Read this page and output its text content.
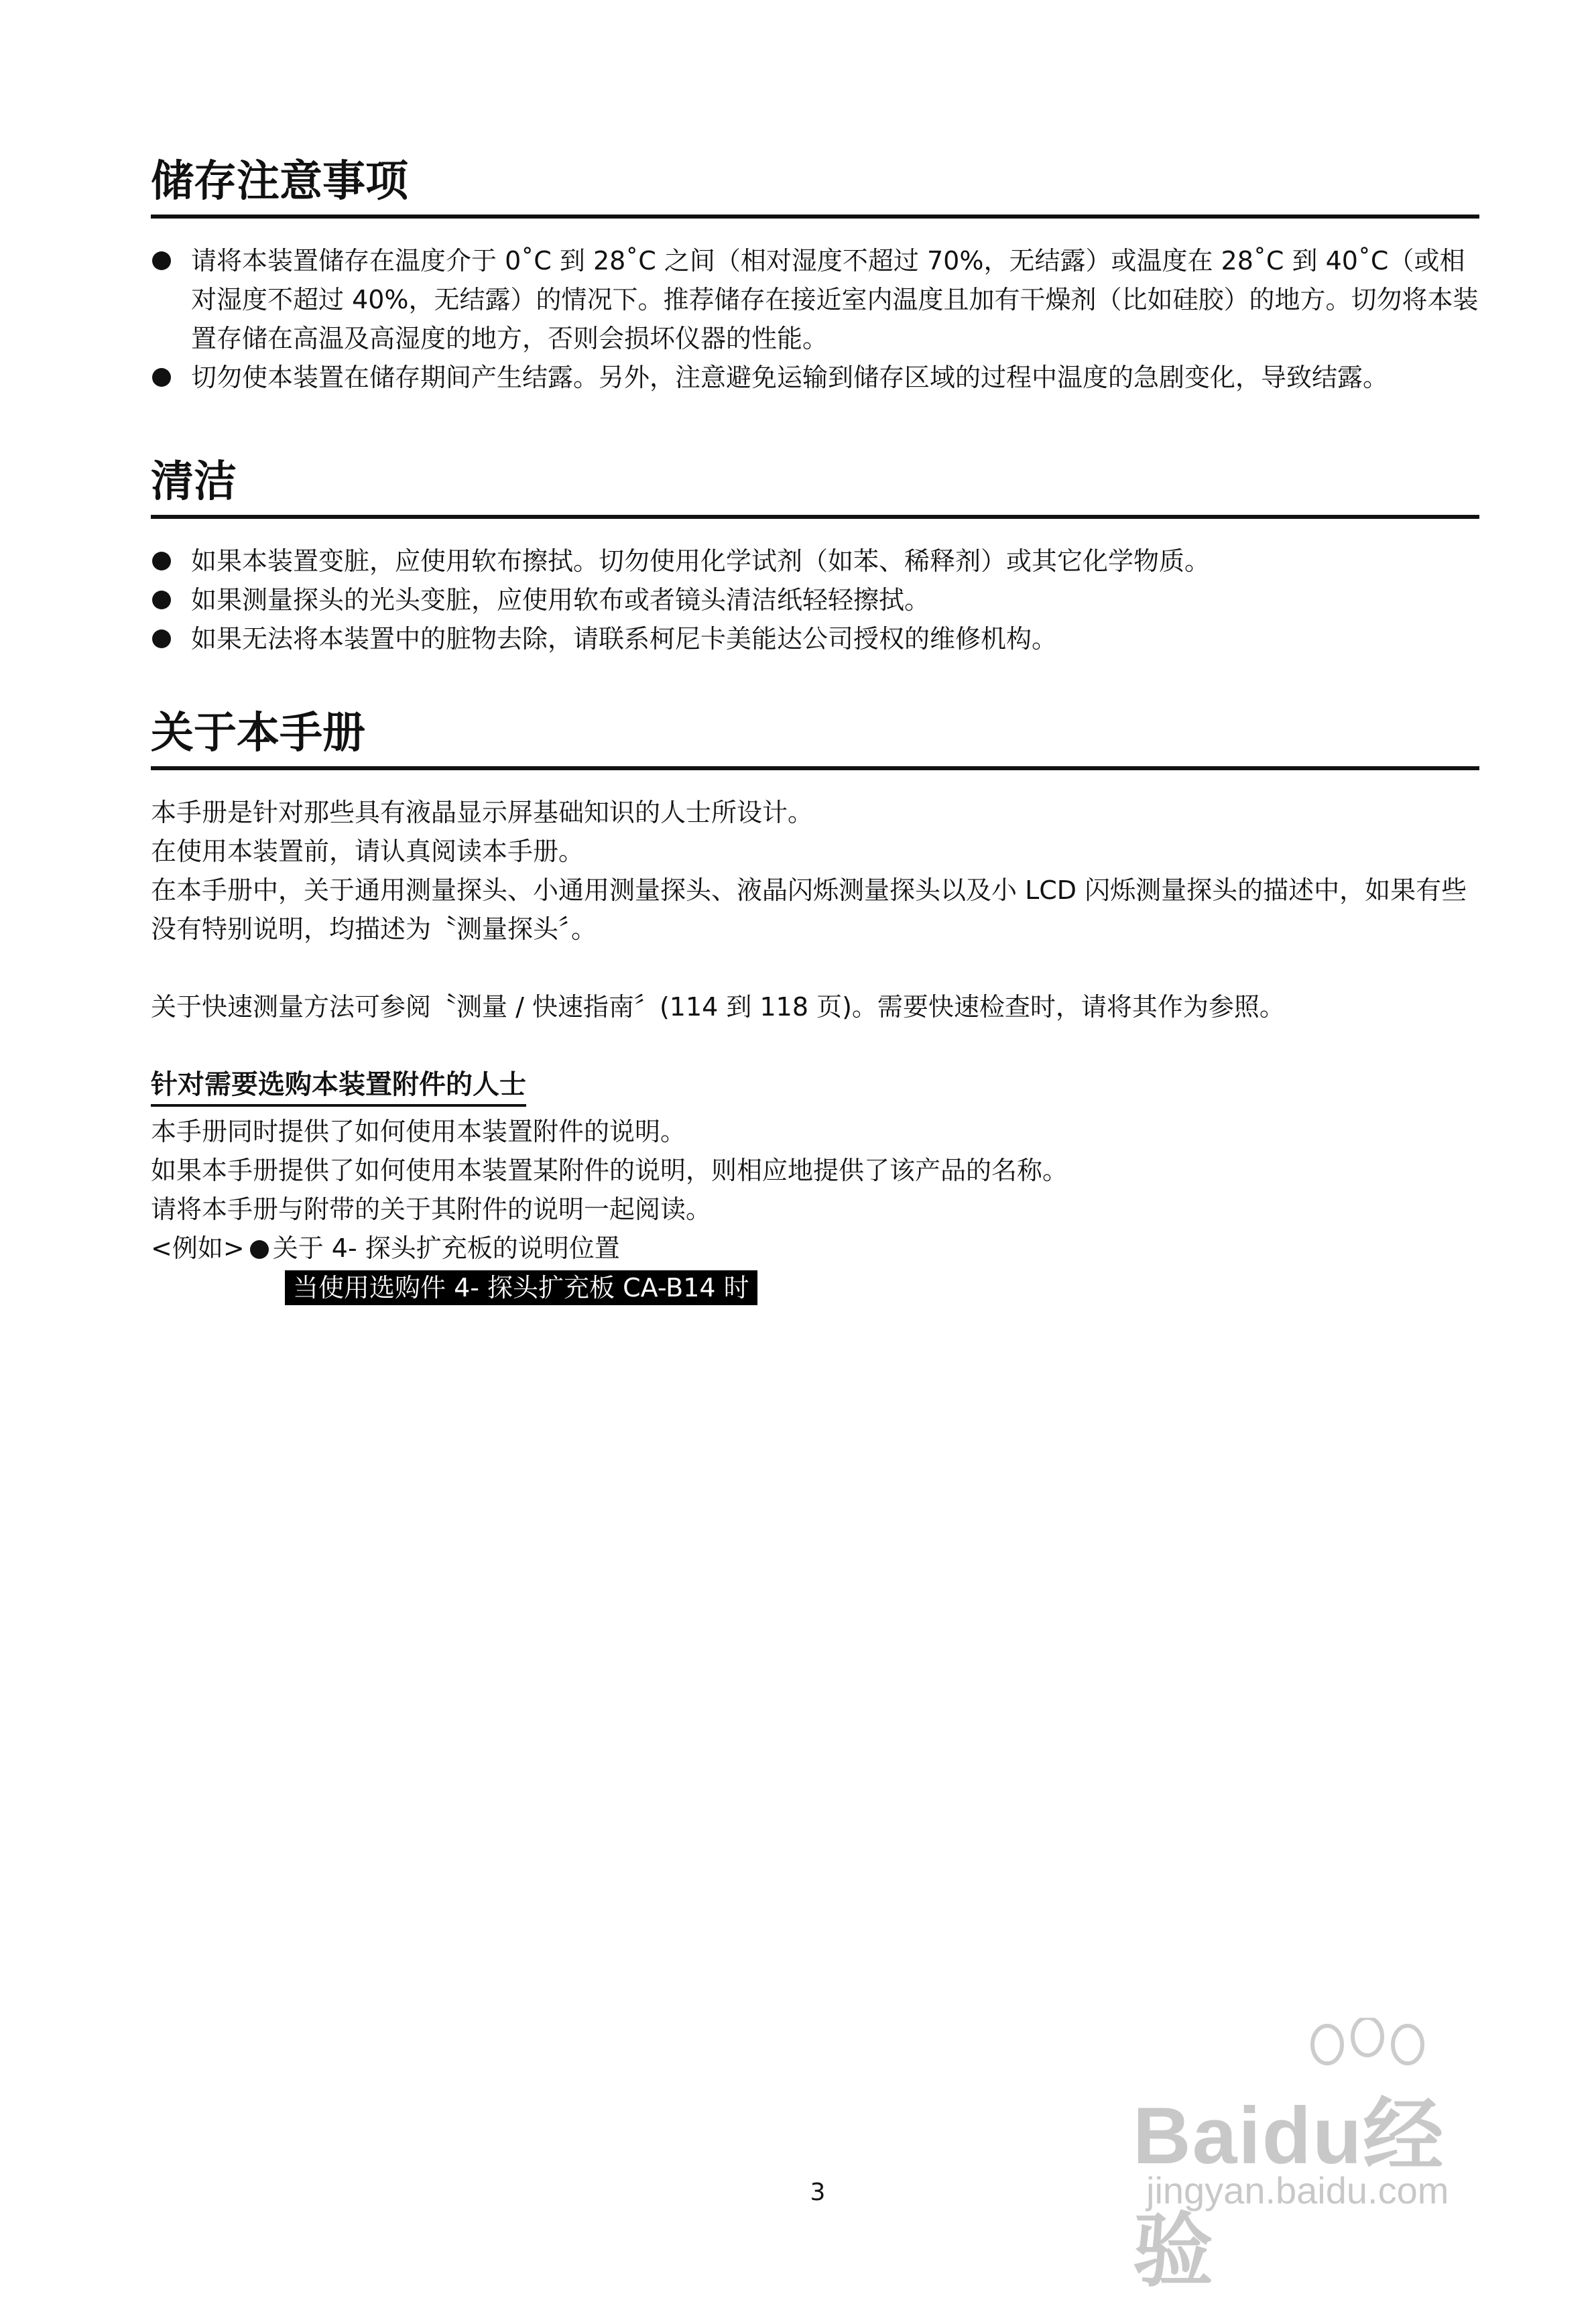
储存注意事项
请将本装置储存在温度介于 0˚C 到 28˚C 之间（相对湿度不超过 70%，无结露）或温度在 28˚C 到 40˚C（或相对湿度不超过 40%，无结露）的情况下。推荐储存在接近室内温度且加有干燥剂（比如硅胶）的地方。切勿将本装置存储在高温及高湿度的地方，否则会损坏仪器的性能。
切勿使本装置在储存期间产生结露。另外，注意避免运输到储存区域的过程中温度的急剧变化，导致结露。
清洁
如果本装置变脏，应使用软布擦拭。切勿使用化学试剂（如苯、稀释剂）或其它化学物质。
如果测量探头的光头变脏，应使用软布或者镜头清洁纸轻轻擦拭。
如果无法将本装置中的脏物去除，请联系柯尼卡美能达公司授权的维修机构。
关于本手册

本手册是针对那些具有液晶显示屏基础知识的人士所设计。

在使用本装置前，请认真阅读本手册。

在本手册中，关于通用测量探头、小通用测量探头、液晶闪烁测量探头以及小 LCD 闪烁测量探头的描述中，如果有些没有特别说明，均描述为〝测量探头〞。

关于快速测量方法可参阅〝测量 / 快速指南〞(114 到 118 页)。需要快速检查时，请将其作为参照。

针对需要选购本装置附件的人士

本手册同时提供了如何使用本装置附件的说明。

如果本手册提供了如何使用本装置某附件的说明，则相应地提供了该产品的名称。

请将本手册与附带的关于其附件的说明一起阅读。

<例如> 关于 4- 探头扩充板的说明位置

当使用选购件 4- 探头扩充板 CA-B14 时
3
Baidu经验
jingyan.baidu.com
